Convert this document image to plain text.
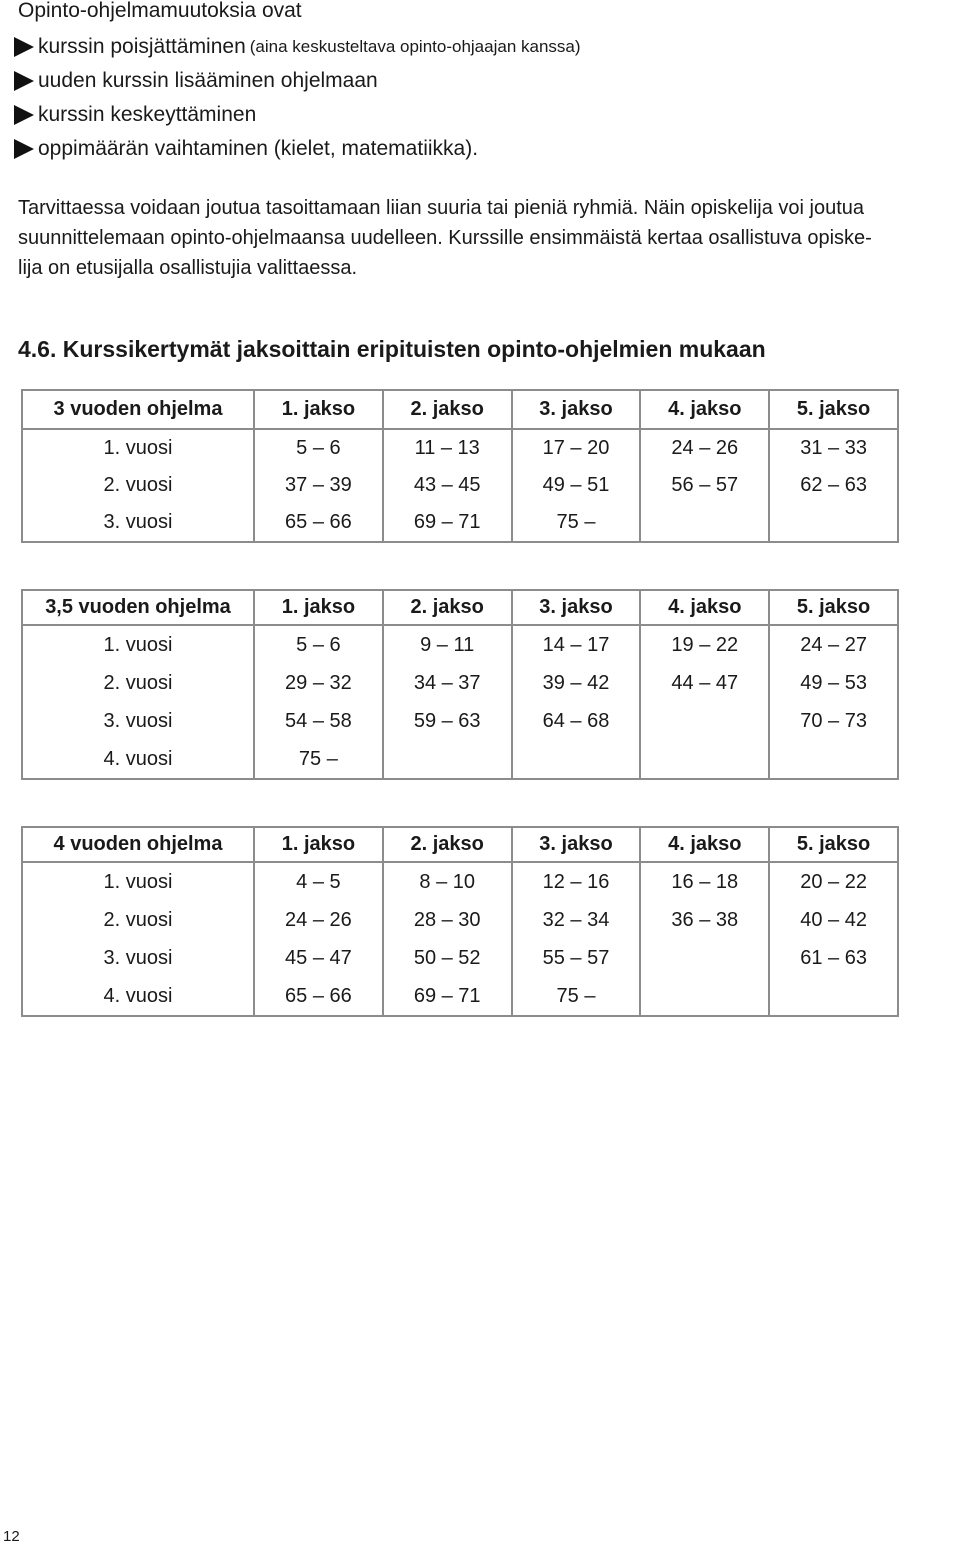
Opinto-ohjelmamuutoksia ovat
kurssin poisjättäminen (aina keskusteltava opinto-ohjaajan kanssa)
uuden kurssin lisääminen ohjelmaan
kurssin keskeyttäminen
oppimäärän vaihtaminen (kielet, matematiikka).

Tarvittaessa voidaan joutua tasoittamaan liian suuria tai pieniä ryhmiä. Näin opiskelija voi joutua
suunnittelemaan opinto-ohjelmaansa uudelleen. Kurssille ensimmäistä kertaa osallistuva opiske-
lija on etusijalla osallistujia valittaessa.

4.6. Kurssikertymät jaksoittain eripituisten opinto-ohjelmien mukaan
3 vuoden ohjelma	1. jakso	2. jakso	3. jakso	4. jakso	5. jakso
1. vuosi	5 – 6	11 – 13	17 – 20	24 – 26	31 – 33
2. vuosi	37 – 39	43 – 45	49 – 51	56 – 57	62 – 63
3. vuosi	65 – 66	69 – 71	75 –		
3,5 vuoden ohjelma	1. jakso	2. jakso	3. jakso	4. jakso	5. jakso
1. vuosi	5 – 6	9 – 11	14 – 17	19 – 22	24 – 27
2. vuosi	29 – 32	34 – 37	39 – 42	44 – 47	49 – 53
3. vuosi	54 – 58	59 – 63	64 – 68		70 – 73
4. vuosi	75 –				
4 vuoden ohjelma	1. jakso	2. jakso	3. jakso	4. jakso	5. jakso
1. vuosi	4 – 5	8 – 10	12 – 16	16 – 18	20 – 22
2. vuosi	24 – 26	28 – 30	32 – 34	36 – 38	40 – 42
3. vuosi	45 – 47	50 – 52	55 – 57		61 – 63
4. vuosi	65 – 66	69 – 71	75 –		
12
